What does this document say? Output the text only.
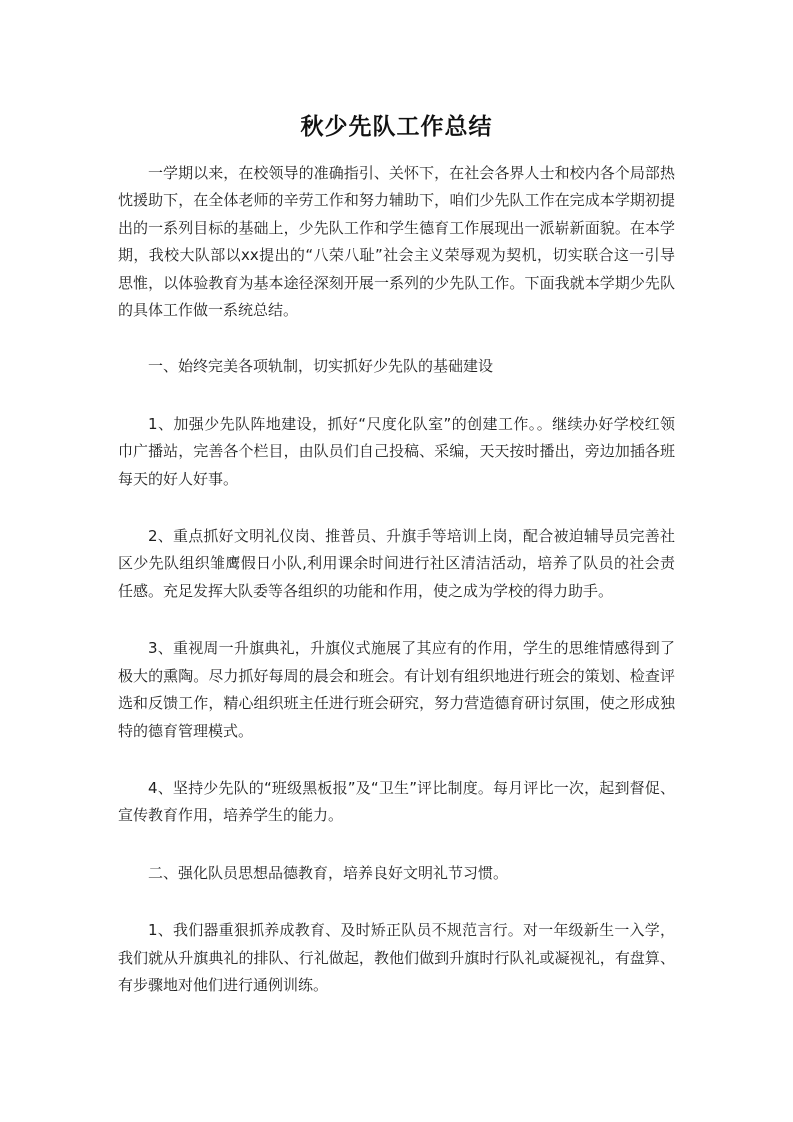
秋少先队工作总结

一学期以来，在校领导的准确指引、关怀下，在社会各界人士和校内各个局部热忱援助下，在全体老师的辛劳工作和努力辅助下，咱们少先队工作在完成本学期初提出的一系列目标的基础上，少先队工作和学生德育工作展现出一派崭新面貌。在本学期，我校大队部以xx提出的“八荣八耻”社会主义荣辱观为契机，切实联合这一引导思惟，以体验教育为基本途径深刻开展一系列的少先队工作。下面我就本学期少先队的具体工作做一系统总结。

一、始终完美各项轨制，切实抓好少先队的基础建设

1、加强少先队阵地建设，抓好“尺度化队室”的创建工作。。继续办好学校红领巾广播站，完善各个栏目，由队员们自己投稿、采编，天天按时播出，旁边加插各班每天的好人好事。

2、重点抓好文明礼仪岗、推普员、升旗手等培训上岗，配合被迫辅导员完善社区少先队组织雏鹰假日小队,利用课余时间进行社区清洁活动，培养了队员的社会责任感。充足发挥大队委等各组织的功能和作用，使之成为学校的得力助手。

3、重视周一升旗典礼，升旗仪式施展了其应有的作用，学生的思维情感得到了极大的熏陶。尽力抓好每周的晨会和班会。有计划有组织地进行班会的策划、检查评选和反馈工作，精心组织班主任进行班会研究，努力营造德育研讨氛围，使之形成独特的德育管理模式。

4、坚持少先队的“班级黑板报”及“卫生”评比制度。每月评比一次，起到督促、宣传教育作用，培养学生的能力。

二、强化队员思想品德教育，培养良好文明礼节习惯。

1、我们器重狠抓养成教育、及时矫正队员不规范言行。对一年级新生一入学，我们就从升旗典礼的排队、行礼做起，教他们做到升旗时行队礼或凝视礼，有盘算、有步骤地对他们进行通例训练。
